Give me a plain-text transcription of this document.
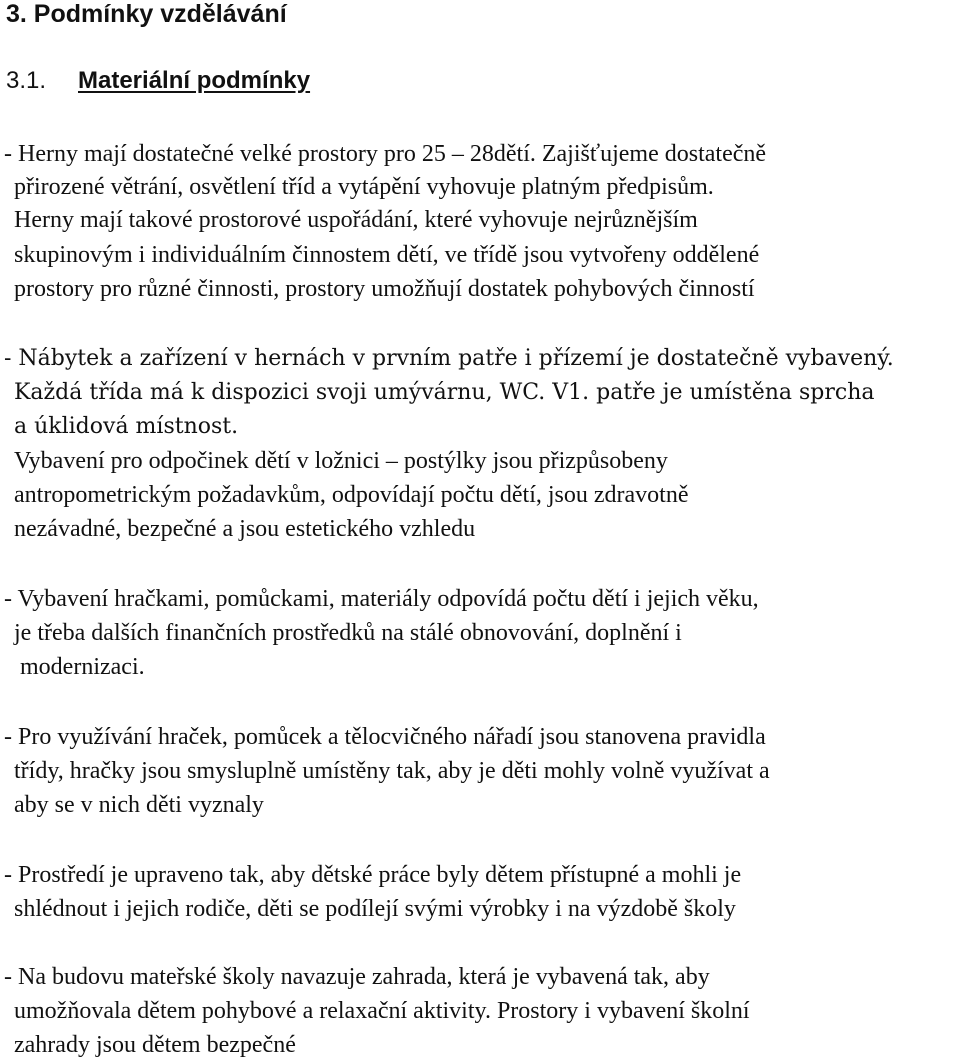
3. Podmínky vzdělávání
3.1. Materiální podmínky
- Herny mají dostatečné velké prostory pro 25 – 28dětí. Zajišťujeme dostatečně
přirozené větrání, osvětlení tříd a vytápění vyhovuje platným předpisům.
Herny mají takové prostorové uspořádání, které vyhovuje nejrůznějším
skupinovým i individuálním činnostem dětí, ve třídě jsou vytvořeny oddělené
prostory pro různé činnosti, prostory umožňují dostatek pohybových činností
- Nábytek a zařízení v hernách v prvním patře i přízemí je dostatečně vybavený.
Každá třída má k dispozici svoji umývárnu, WC. V1. patře je umístěna sprcha
a úklidová místnost.
Vybavení pro odpočinek dětí v ložnici – postýlky jsou přizpůsobeny
antropometrickým požadavkům, odpovídají počtu dětí, jsou zdravotně
nezávadné, bezpečné a jsou estetického vzhledu
- Vybavení hračkami, pomůckami, materiály odpovídá počtu dětí i jejich věku,
je třeba dalších finančních prostředků na stálé obnovování, doplnění i
modernizaci.
- Pro využívání hraček, pomůcek a tělocvičného nářadí jsou stanovena pravidla
třídy, hračky jsou smysluplně umístěny tak, aby je děti mohly volně využívat a
aby se v nich děti vyznaly
- Prostředí je upraveno tak, aby dětské práce byly dětem přístupné a mohli je
shlédnout i jejich rodiče, děti se podílejí svými výrobky i na výzdobě školy
- Na budovu mateřské školy navazuje zahrada, která je vybavená tak, aby
umožňovala dětem pohybové a relaxační aktivity. Prostory i vybavení školní
zahrady jsou dětem bezpečné
